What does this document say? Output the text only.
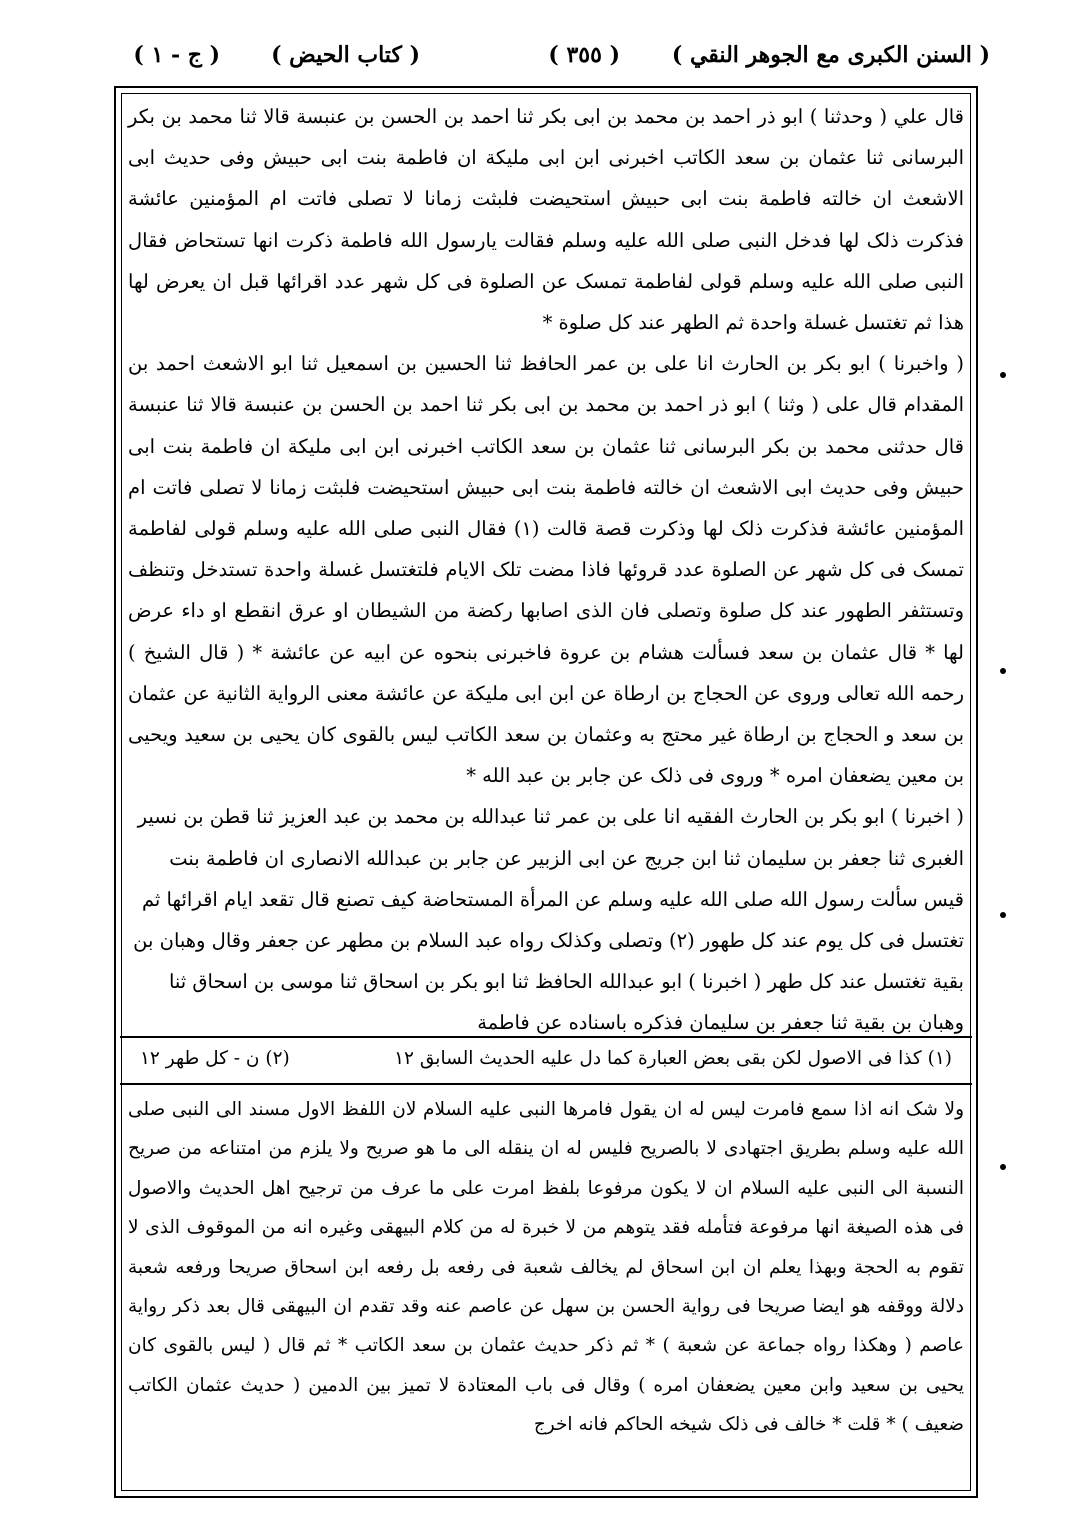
( السنن الكبرى مع الجوهر النقي )
( ٣٥٥ )
( كتاب الحيض )
( ج - ١ )

قال علي ( وحدثنا ) ابو ذر احمد بن محمد بن ابی بکر ثنا احمد بن الحسن بن عنبسة قالا ثنا محمد بن بکر البرسانی ثنا عثمان بن سعد الکاتب اخبرنی ابن ابی ملیکة ان فاطمة بنت ابی حبیش وفی حدیث ابی الاشعث ان خالته فاطمة بنت ابی حبیش استحیضت فلبثت زمانا لا تصلی فاتت ام المؤمنین عائشة فذکرت ذلک لها فدخل النبی صلی الله علیه وسلم فقالت یارسول الله فاطمة ذکرت انها تستحاض فقال النبی صلی الله علیه وسلم قولی لفاطمة تمسک عن الصلوة فی کل شهر عدد اقرائها قبل ان یعرض لها هذا ثم تغتسل غسلة واحدة ثم الطهر عند کل صلوة *

( واخبرنا ) ابو بکر بن الحارث انا علی بن عمر الحافظ ثنا الحسین بن اسمعیل ثنا ابو الاشعث احمد بن المقدام قال علی ( وثنا ) ابو ذر احمد بن محمد بن ابی بکر ثنا احمد بن الحسن بن عنبسة قالا ثنا عنبسة قال حدثنی محمد بن بکر البرسانی ثنا عثمان بن سعد الکاتب اخبرنی ابن ابی ملیکة ان فاطمة بنت ابی حبیش وفی حدیث ابی الاشعث ان خالته فاطمة بنت ابی حبیش استحیضت فلبثت زمانا لا تصلی فاتت ام المؤمنین عائشة فذکرت ذلک لها وذکرت قصة قالت (١) فقال النبی صلی الله علیه وسلم قولی لفاطمة تمسک فی کل شهر عن الصلوة عدد قروئها فاذا مضت تلک الایام فلتغتسل غسلة واحدة تستدخل وتنظف وتستثفر الطهور عند کل صلوة وتصلی فان الذی اصابها رکضة من الشیطان او عرق انقطع او داء عرض لها * قال عثمان بن سعد فسألت هشام بن عروة فاخبرنی بنحوه عن ابیه عن عائشة * ( قال الشیخ ) رحمه الله تعالی وروی عن الحجاج بن ارطاة عن ابن ابی ملیکة عن عائشة معنی الروایة الثانیة عن عثمان بن سعد و الحجاج بن ارطاة غیر محتج به وعثمان بن سعد الکاتب لیس بالقوی کان یحیی بن سعید ویحیی بن معین یضعفان امره * وروی فی ذلک عن جابر بن عبد الله *

( اخبرنا ) ابو بکر بن الحارث الفقیه انا علی بن عمر ثنا عبدالله بن محمد بن عبد العزیز ثنا قطن بن نسیر الغبری ثنا جعفر بن سلیمان ثنا ابن جریج عن ابی الزبیر عن جابر بن عبدالله الانصاری ان فاطمة بنت قیس سألت رسول الله صلی الله علیه وسلم عن المرأة المستحاضة کیف تصنع قال تقعد ایام اقرائها ثم تغتسل فی کل یوم عند کل طهور (٢) وتصلی وکذلک رواه عبد السلام بن مطهر عن جعفر وقال وهبان بن بقیة تغتسل عند کل طهر ( اخبرنا ) ابو عبدالله الحافظ ثنا ابو بکر بن اسحاق ثنا موسی بن اسحاق ثنا وهبان بن بقیة ثنا جعفر بن سلیمان فذکره باسناده عن فاطمة

(١) کذا فی الاصول لکن بقی بعض العبارة کما دل علیه الحدیث السابق ١٢
(٢) ن - کل طهر ١٢

ولا شک انه اذا سمع فامرت لیس له ان یقول فامرها النبی علیه السلام لان اللفظ الاول مسند الی النبی صلی الله علیه وسلم بطریق اجتهادی لا بالصریح فلیس له ان ینقله الی ما هو صریح ولا یلزم من امتناعه من صریح النسبة الی النبی علیه السلام ان لا یکون مرفوعا بلفظ امرت علی ما عرف من ترجیح اهل الحدیث والاصول فی هذه الصیغة انها مرفوعة فتأمله فقد یتوهم من لا خبرة له من کلام البیهقی وغیره انه من الموقوف الذی لا تقوم به الحجة وبهذا یعلم ان ابن اسحاق لم یخالف شعبة فی رفعه بل رفعه ابن اسحاق صریحا ورفعه شعبة دلالة ووقفه هو ایضا صریحا فی روایة الحسن بن سهل عن عاصم عنه وقد تقدم ان البیهقی قال بعد ذکر روایة عاصم ( وهکذا رواه جماعة عن شعبة ) * ثم ذکر حدیث عثمان بن سعد الکاتب * ثم قال ( لیس بالقوی کان یحیی بن سعید وابن معین یضعفان امره ) وقال فی باب المعتادة لا تمیز بین الدمین ( حدیث عثمان الکاتب ضعیف ) * قلت * خالف فی ذلک شیخه الحاکم فانه اخرج
